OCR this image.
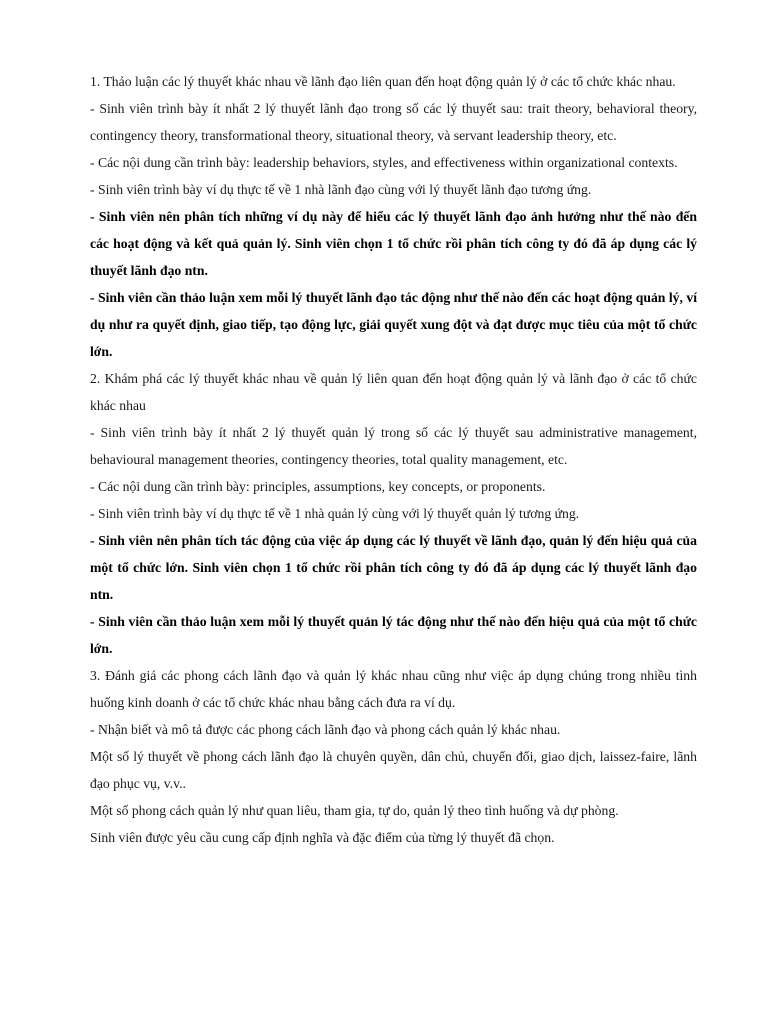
1. Thảo luận các lý thuyết khác nhau về lãnh đạo liên quan đến hoạt động quản lý ở các tổ chức khác nhau.

- Sinh viên trình bày ít nhất 2 lý thuyết lãnh đạo trong số các lý thuyết sau: trait theory, behavioral theory, contingency theory, transformational theory, situational theory, và servant leadership theory, etc.

- Các nội dung cần trình bày: leadership behaviors, styles, and effectiveness within organizational contexts.

- Sinh viên trình bày ví dụ thực tế về 1 nhà lãnh đạo cùng với lý thuyết lãnh đạo tương ứng.

- Sinh viên nên phân tích những ví dụ này để hiểu các lý thuyết lãnh đạo ảnh hưởng như thế nào đến các hoạt động và kết quả quản lý. Sinh viên chọn 1 tổ chức rồi phân tích công ty đó đã áp dụng các lý thuyết lãnh đạo ntn.

- Sinh viên cần thảo luận xem mỗi lý thuyết lãnh đạo tác động như thế nào đến các hoạt động quản lý, ví dụ như ra quyết định, giao tiếp, tạo động lực, giải quyết xung đột và đạt được mục tiêu của một tổ chức lớn.

2. Khám phá các lý thuyết khác nhau về quản lý liên quan đến hoạt động quản lý và lãnh đạo ở các tổ chức khác nhau

- Sinh viên trình bày ít nhất 2 lý thuyết quản lý trong số các lý thuyết sau administrative management, behavioural management theories, contingency theories, total quality management, etc.

- Các nội dung cần trình bày: principles, assumptions, key concepts, or proponents.

- Sinh viên trình bày ví dụ thực tế về 1 nhà quản lý cùng với lý thuyết quản lý tương ứng.

- Sinh viên nên phân tích tác động của việc áp dụng các lý thuyết về lãnh đạo, quản lý đến hiệu quả của một tổ chức lớn. Sinh viên chọn 1 tổ chức rồi phân tích công ty đó đã áp dụng các lý thuyết lãnh đạo ntn.

- Sinh viên cần thảo luận xem mỗi lý thuyết quản lý tác động như thế nào đến hiệu quả của một tổ chức lớn.

3. Đánh giá các phong cách lãnh đạo và quản lý khác nhau cũng như việc áp dụng chúng trong nhiều tình huống kinh doanh ở các tổ chức khác nhau bằng cách đưa ra ví dụ.

- Nhận biết và mô tả được các phong cách lãnh đạo và phong cách quản lý khác nhau.

Một số lý thuyết về phong cách lãnh đạo là chuyên quyền, dân chủ, chuyển đổi, giao dịch, laissez-faire, lãnh đạo phục vụ, v.v..

Một số phong cách quản lý như quan liêu, tham gia, tự do, quản lý theo tình huống và dự phòng.

Sinh viên được yêu cầu cung cấp định nghĩa và đặc điểm của từng lý thuyết đã chọn.
